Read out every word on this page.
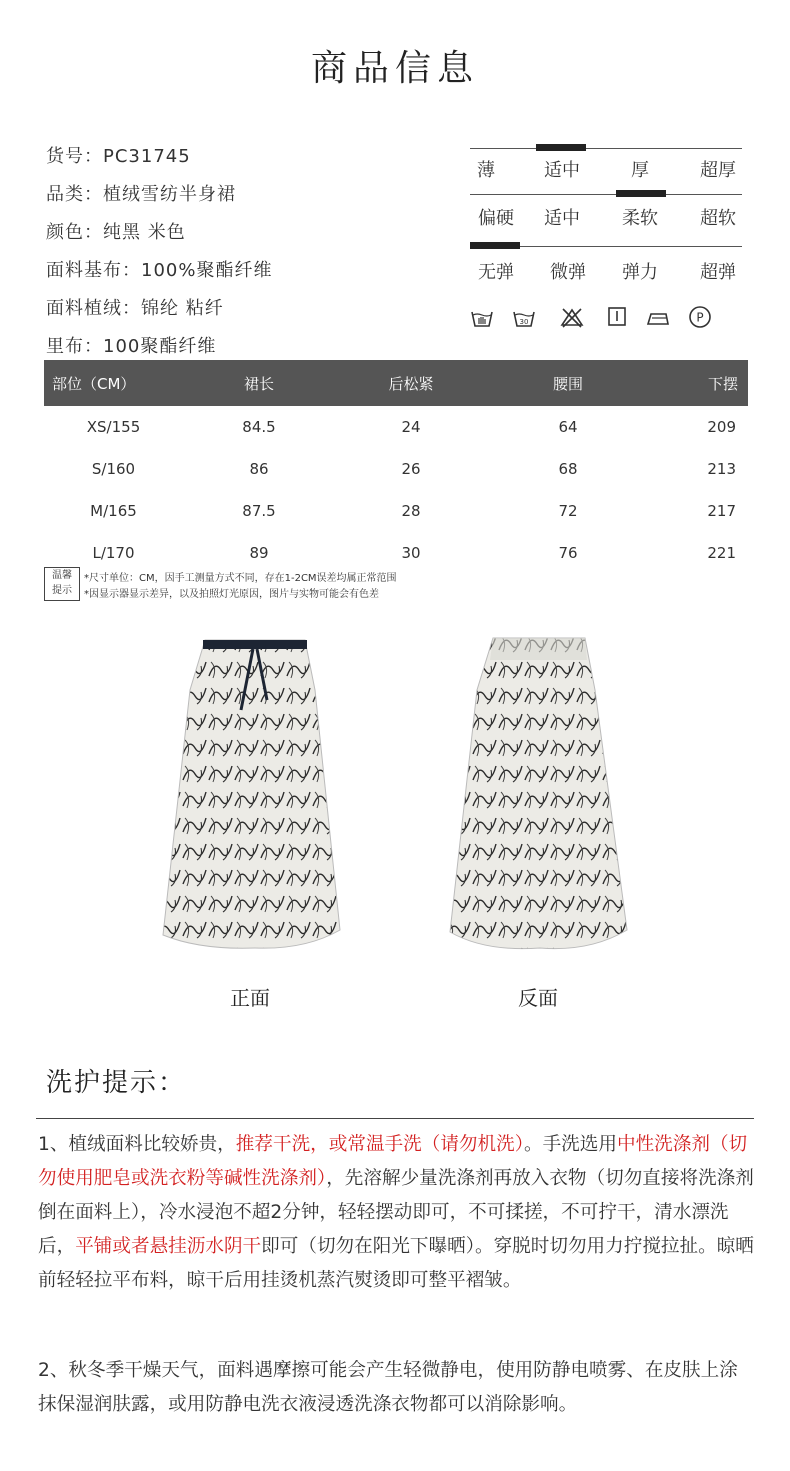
商品信息
货号：PC31745
品类：植绒雪纺半身裙
颜色：纯黑 米色
面料基布：100%聚酯纤维
面料植绒：锦纶 粘纤
里布：100聚酯纤维
薄	适中	厚	超厚
偏硬	适中	柔软	超软
无弹	微弹	弹力	超弹
30	P
部位（CM）	裙长	后松紧	腰围	下摆
XS/155	84.5	24	64	209
S/160	86	26	68	213
M/165	87.5	28	72	217
L/170	89	30	76	221
温馨
提示
*尺寸单位：CM，因手工测量方式不同，存在1-2CM误差均属正常范围
*因显示器显示差异，以及拍照灯光原因，图片与实物可能会有色差
正面	反面
洗护提示：
1、植绒面料比较娇贵，推荐干洗，或常温手洗（请勿机洗）。手洗选用中性洗涤剂（切勿使用肥皂或洗衣粉等碱性洗涤剂），先溶解少量洗涤剂再放入衣物（切勿直接将洗涤剂倒在面料上），冷水浸泡不超2分钟，轻轻摆动即可，不可揉搓，不可拧干，清水漂洗后，平铺或者悬挂沥水阴干即可（切勿在阳光下曝晒）。穿脱时切勿用力拧搅拉扯。晾晒前轻轻拉平布料，晾干后用挂烫机蒸汽熨烫即可整平褶皱。
2、秋冬季干燥天气，面料遇摩擦可能会产生轻微静电，使用防静电喷雾、在皮肤上涂抹保湿润肤露，或用防静电洗衣液浸透洗涤衣物都可以消除影响。
